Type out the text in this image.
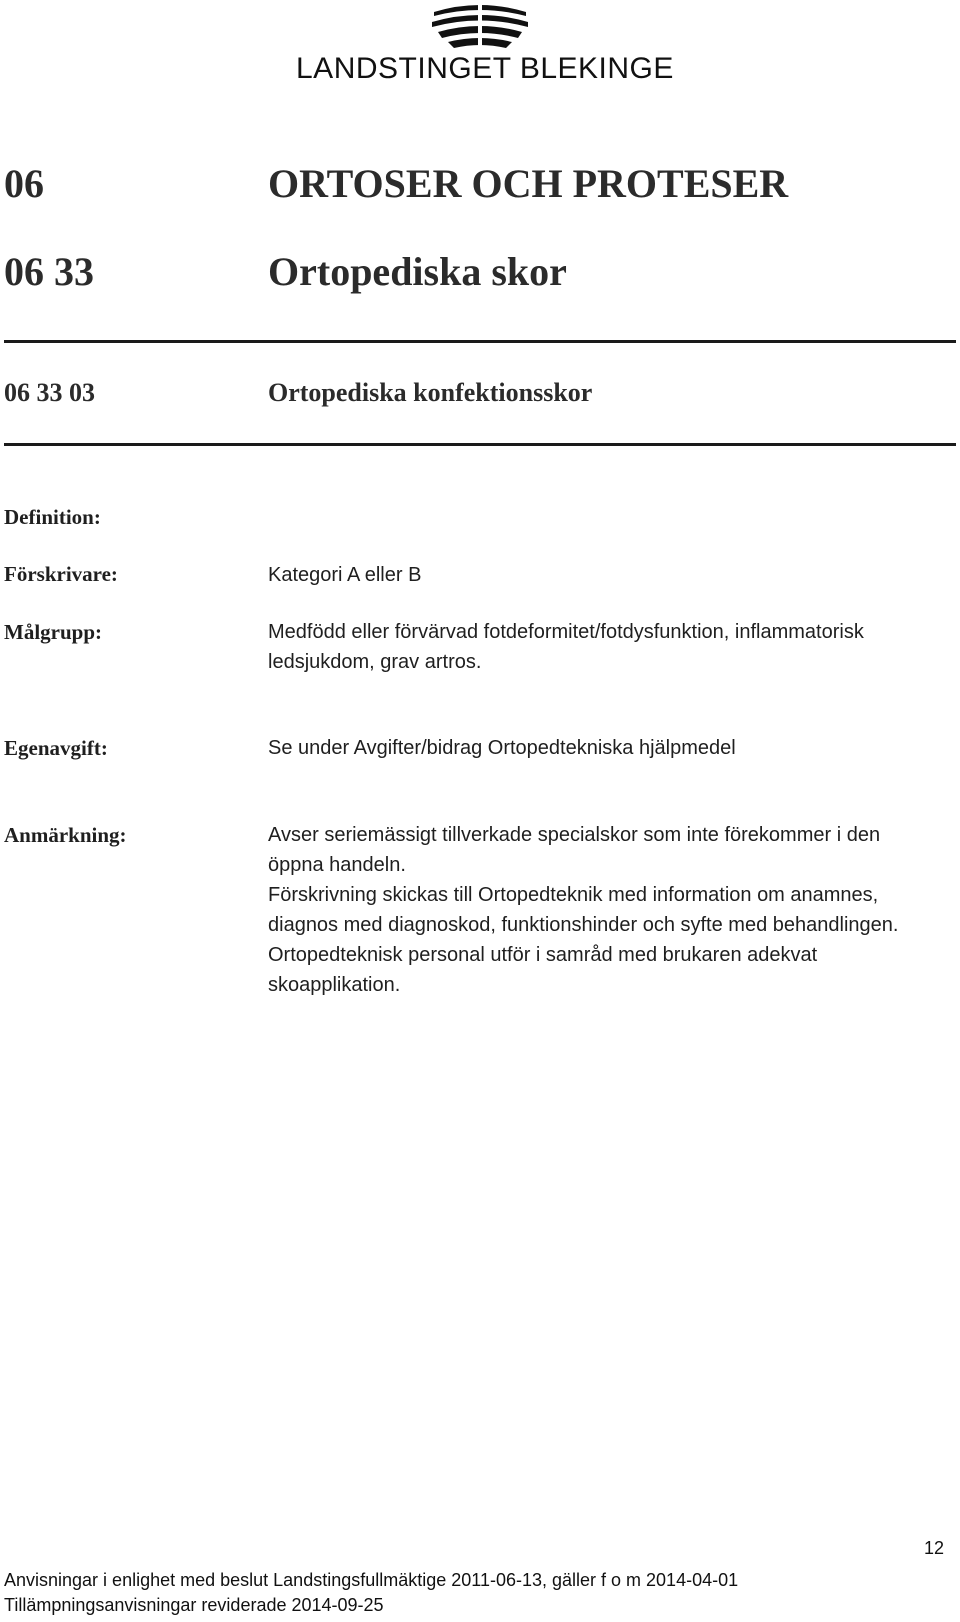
LANDSTINGET BLEKINGE
06	ORTOSER OCH PROTESER
06 33	Ortopediska skor
06 33 03	Ortopediska konfektionsskor
Definition:
Förskrivare:	Kategori A eller B
Målgrupp:	Medfödd eller förvärvad fotdeformitet/fotdysfunktion, inflammatorisk ledsjukdom, grav artros.
Egenavgift:	Se under Avgifter/bidrag Ortopedtekniska hjälpmedel
Anmärkning:	Avser seriemässigt tillverkade specialskor som inte förekommer i den öppna handeln.

Förskrivning skickas till Ortopedteknik med information om anamnes, diagnos med diagnoskod, funktionshinder och syfte med behandlingen.

Ortopedteknisk personal utför i samråd med brukaren adekvat skoapplikation.

12
Anvisningar i enlighet med beslut Landstingsfullmäktige 2011-06-13, gäller f o m 2014-04-01
Tillämpningsanvisningar reviderade 2014-09-25
